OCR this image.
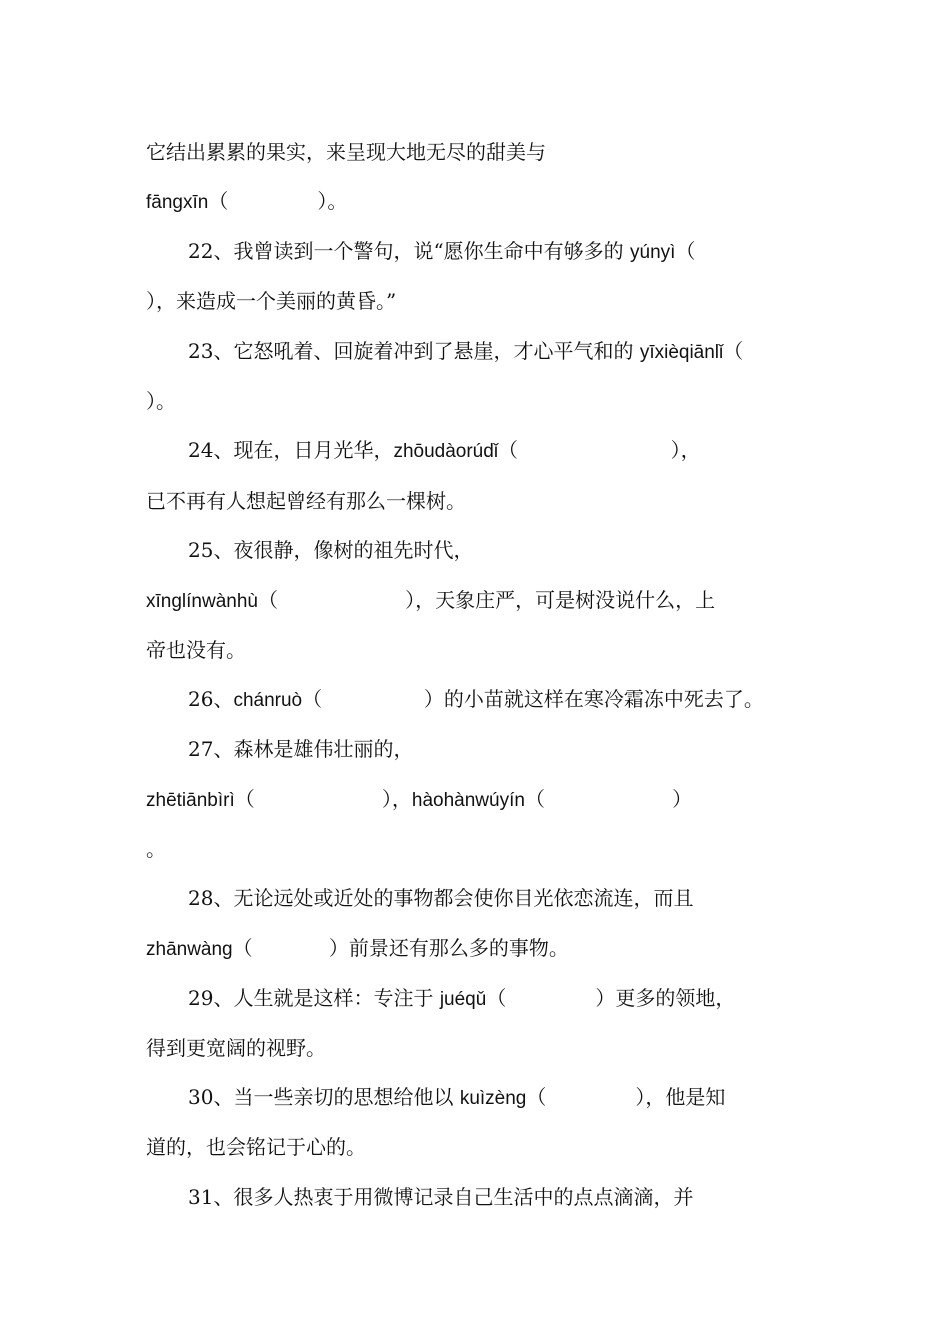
它结出累累的果实，来呈现大地无尽的甜美与
fāngxīn（              ）。
22、我曾读到一个警句，说“愿你生命中有够多的 yúnyì（
），来造成一个美丽的黄昏。”
23、它怒吼着、回旋着冲到了悬崖，才心平气和的 yīxièqiānlǐ（
）。
24、现在，日月光华，zhōudàorúdǐ（                        ），
已不再有人想起曾经有那么一棵树。
25、夜很静，像树的祖先时代，
xīnglínwànhù（                    ），天象庄严，可是树没说什么，上
帝也没有。
26、chánruò（                ）的小苗就这样在寒冷霜冻中死去了。
27、森林是雄伟壮丽的，
zhētiānbìrì（                    ），hàohànwúyín（                    ）
。
28、无论远处或近处的事物都会使你目光依恋流连，而且
zhānwàng（            ）前景还有那么多的事物。
29、人生就是这样：专注于 juéqǔ（              ）更多的领地，
得到更宽阔的视野。
30、当一些亲切的思想给他以 kuìzèng（              ），他是知
道的，也会铭记于心的。
31、很多人热衷于用微博记录自己生活中的点点滴滴，并
